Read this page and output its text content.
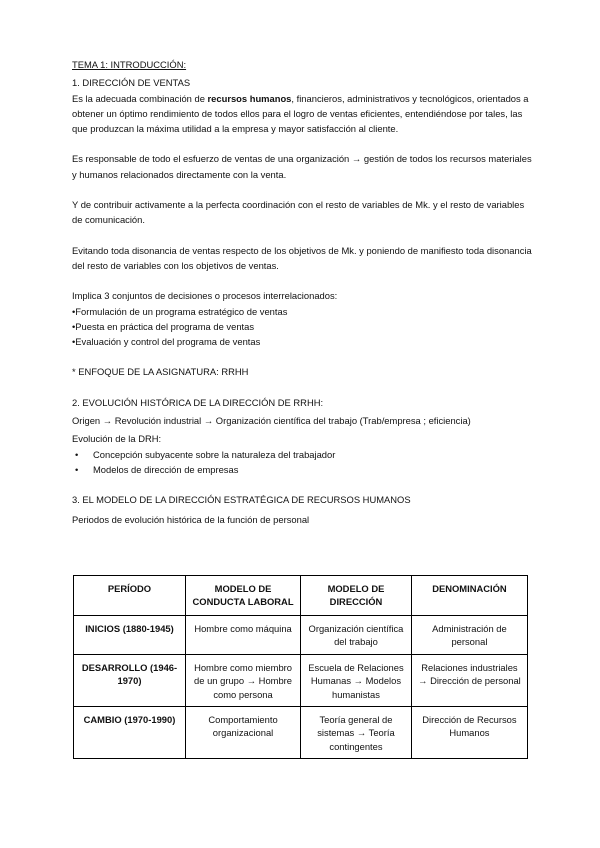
TEMA 1: INTRODUCCIÓN:

1. DIRECCIÓN DE VENTAS

Es la adecuada combinación de recursos humanos, financieros, administrativos y tecnológicos, orientados a obtener un óptimo rendimiento de todos ellos para el logro de ventas eficientes, entendiéndose por tales, las que produzcan la máxima utilidad a la empresa y mayor satisfacción al cliente.

Es responsable de todo el esfuerzo de ventas de una organización → gestión de todos los recursos materiales y humanos relacionados directamente con la venta.

Y de contribuir activamente a la perfecta coordinación con el resto de variables de Mk. y el resto de variables de comunicación.

Evitando toda disonancia de ventas respecto de los objetivos de Mk. y poniendo de manifiesto toda disonancia del resto de variables con los objetivos de ventas.

Implica 3 conjuntos de decisiones o procesos interrelacionados:

•Formulación de un programa estratégico de ventas

•Puesta en práctica del programa de ventas

•Evaluación y control del programa de ventas

* ENFOQUE DE LA ASIGNATURA: RRHH

2. EVOLUCIÓN HISTÓRICA DE LA DIRECCIÓN DE RRHH:

Origen → Revolución industrial → Organización científica del trabajo (Trab/empresa ; eficiencia)

Evolución de la DRH:

• Concepción subyacente sobre la naturaleza del trabajador
• Modelos de dirección de empresas

3. EL MODELO DE LA DIRECCIÓN ESTRATÉGICA DE RECURSOS HUMANOS

Periodos de evolución histórica de la función de personal

PERÍODO	MODELO DE CONDUCTA LABORAL	MODELO DE DIRECCIÓN	DENOMINACIÓN
INICIOS (1880-1945)	Hombre como máquina	Organización científica del trabajo	Administración de personal
DESARROLLO (1946-1970)	Hombre como miembro de un grupo → Hombre como persona	Escuela de Relaciones Humanas → Modelos humanistas	Relaciones industriales → Dirección de personal
CAMBIO (1970-1990)	Comportamiento organizacional	Teoría general de sistemas → Teoría contingentes	Dirección de Recursos Humanos
